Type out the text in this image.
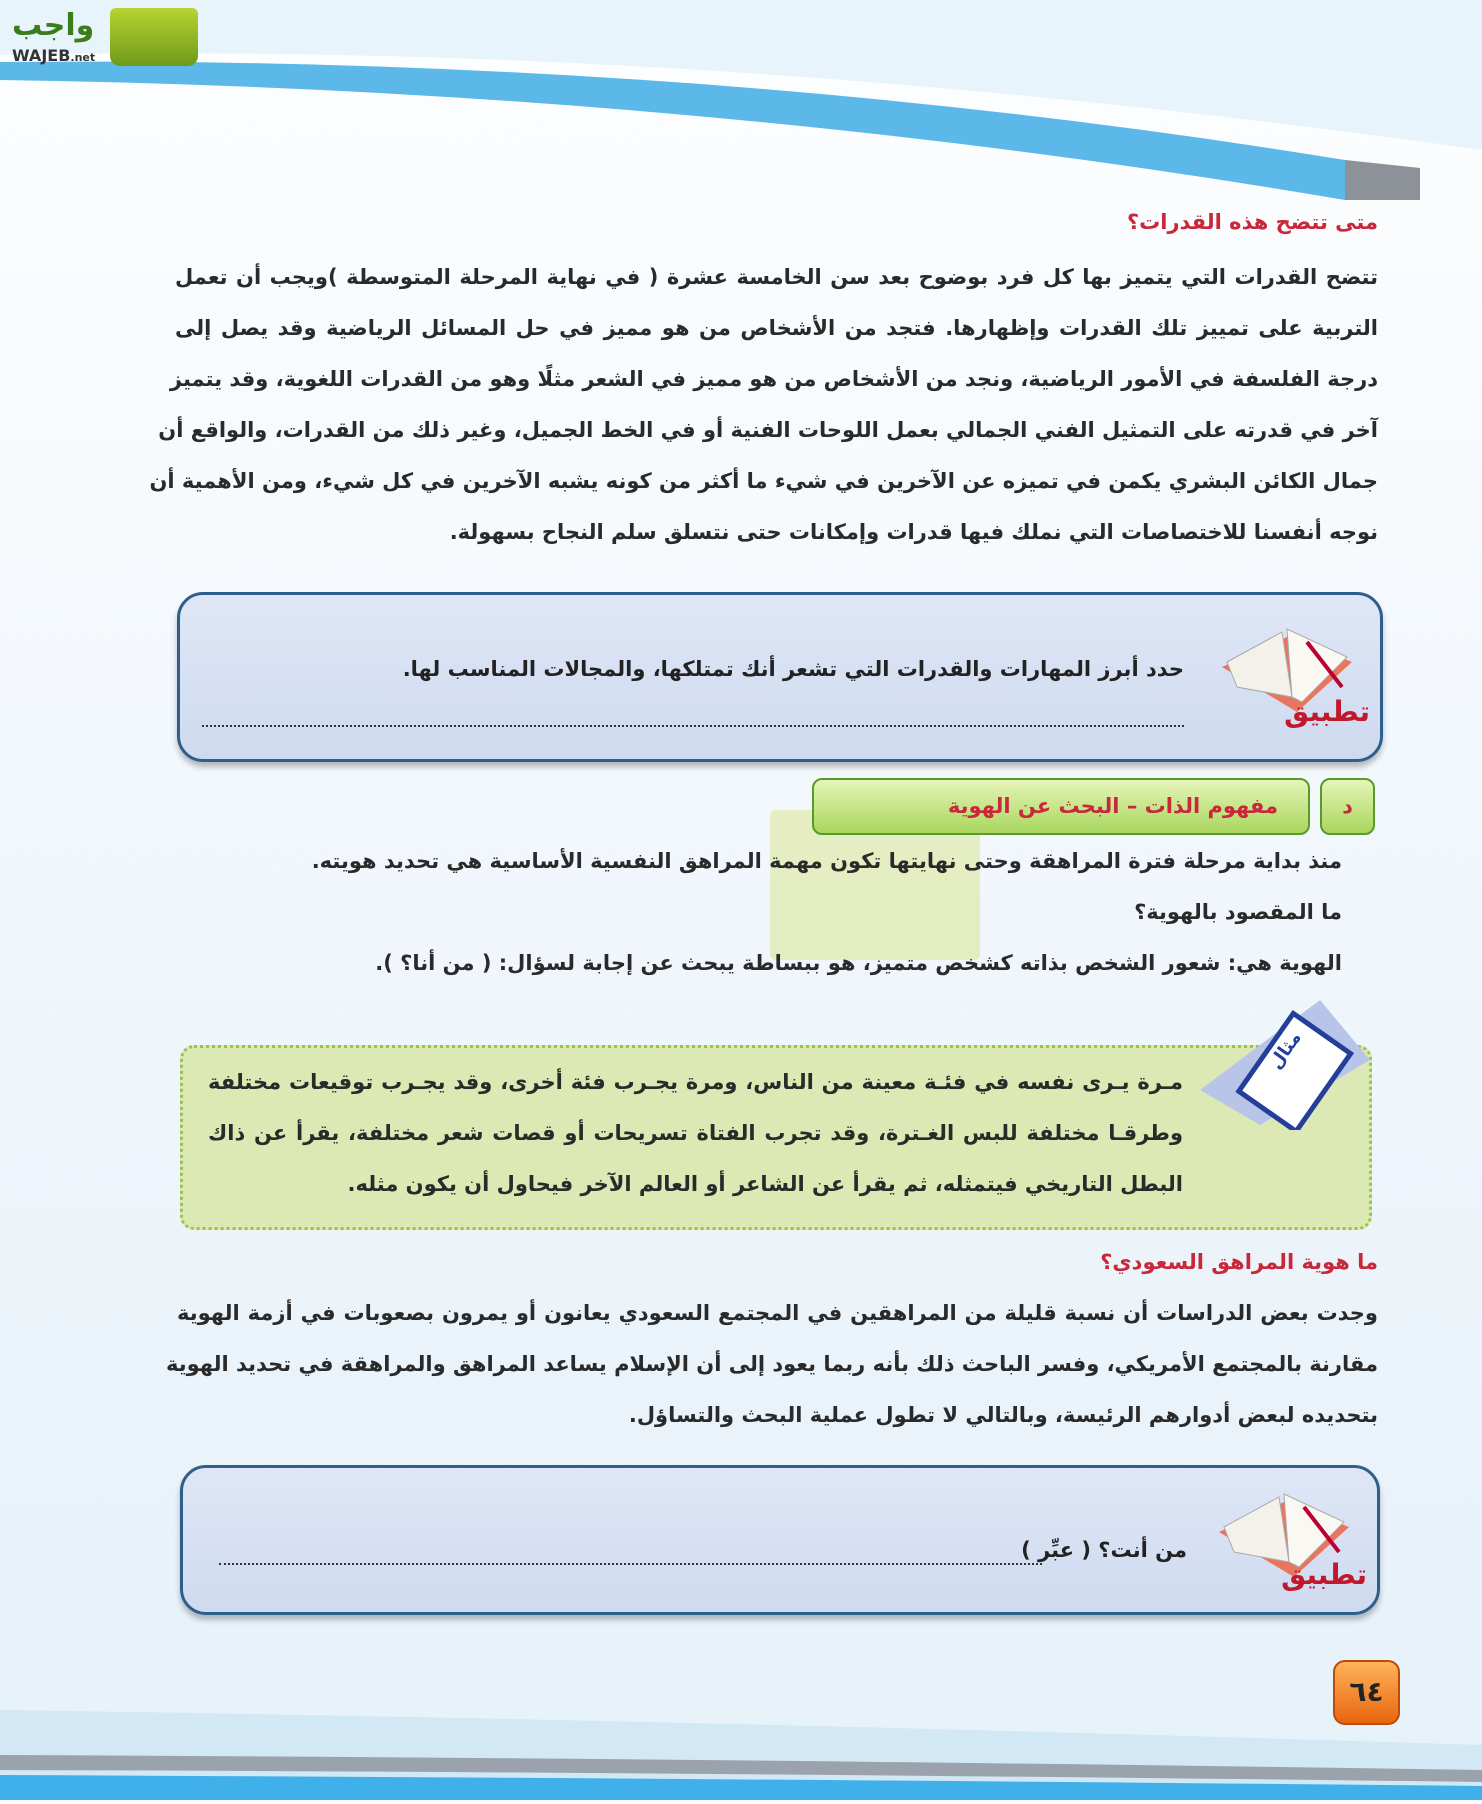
واجب
WAJEB.net
متى تتضح هذه القدرات؟
تتضح القدرات التي يتميز بها كل فرد بوضوح بعد سن الخامسة عشرة ( في نهاية المرحلة المتوسطة )ويجب أن تعمل
التربية على تمييز تلك القدرات وإظهارها. فتجد من الأشخاص من هو مميز في حل المسائل الرياضية وقد يصل إلى
درجة الفلسفة في الأمور الرياضية، ونجد من الأشخاص من هو مميز في الشعر مثلًا وهو من القدرات اللغوية، وقد يتميز
آخر في قدرته على التمثيل الفني الجمالي بعمل اللوحات الفنية أو في الخط الجميل، وغير ذلك من القدرات، والواقع أن
جمال الكائن البشري يكمن في تميزه عن الآخرين في شيء ما أكثر من كونه يشبه الآخرين في كل شيء، ومن الأهمية أن
نوجه أنفسنا للاختصاصات التي نملك فيها قدرات وإمكانات حتى نتسلق سلم النجاح بسهولة.
تطبيق
حدد أبرز المهارات والقدرات التي تشعر أنك تمتلكها، والمجالات المناسب لها.
مفهوم الذات – البحث عن الهوية	د
منذ بداية مرحلة فترة المراهقة وحتى نهايتها تكون مهمة المراهق النفسية الأساسية هي تحديد هويته.
ما المقصود بالهوية؟
الهوية هي: شعور الشخص بذاته كشخص متميز، هو ببساطة يبحث عن إجابة لسؤال: ( من أنا؟ ).
مثال
مـرة يـرى نفسه في فئـة معينة من الناس، ومرة يجـرب فئة أخرى، وقد يجـرب توقيعات مختلفة
وطرقـا مختلفة للبس الغـترة، وقد تجرب الفتاة تسريحات أو قصات شعر مختلفة، يقرأ عن ذاك
البطل التاريخي فيتمثله، ثم يقرأ عن الشاعر أو العالم الآخر فيحاول أن يكون مثله.
ما هوية المراهق السعودي؟
وجدت بعض الدراسات أن نسبة قليلة من المراهقين في المجتمع السعودي يعانون أو يمرون بصعوبات في أزمة الهوية
مقارنة بالمجتمع الأمريكي، وفسر الباحث ذلك بأنه ربما يعود إلى أن الإسلام يساعد المراهق والمراهقة في تحديد الهوية
بتحديده لبعض أدوارهم الرئيسة، وبالتالي لا تطول عملية البحث والتساؤل.
تطبيق
من أنت؟ ( عبِّر )
٦٤
